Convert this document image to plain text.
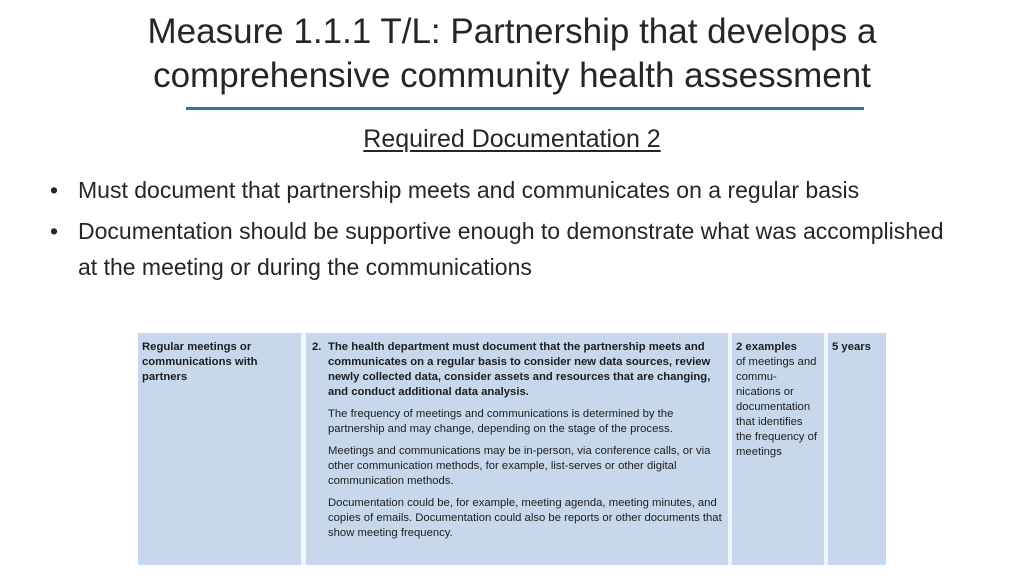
Measure 1.1.1 T/L: Partnership that develops a
comprehensive community health assessment
Required Documentation 2
• Must document that partnership meets and communicates on a regular basis
• Documentation should be supportive enough to demonstrate what was accomplished at the meeting or during the communications
Regular meetings or communications with partners
2. The health department must document that the partnership meets and communicates on a regular basis to consider new data sources, review newly collected data, consider assets and resources that are changing, and conduct additional data analysis.
The frequency of meetings and communications is determined by the partnership and may change, depending on the stage of the process.
Meetings and communications may be in-person, via conference calls, or via other communication methods, for example, list-serves or other digital communication methods.
Documentation could be, for example, meeting agenda, meeting minutes, and copies of emails. Documentation could also be reports or other documents that show meeting frequency.
2 examples
of meetings and commu-nications or documentation that identifies the frequency of meetings
5 years
